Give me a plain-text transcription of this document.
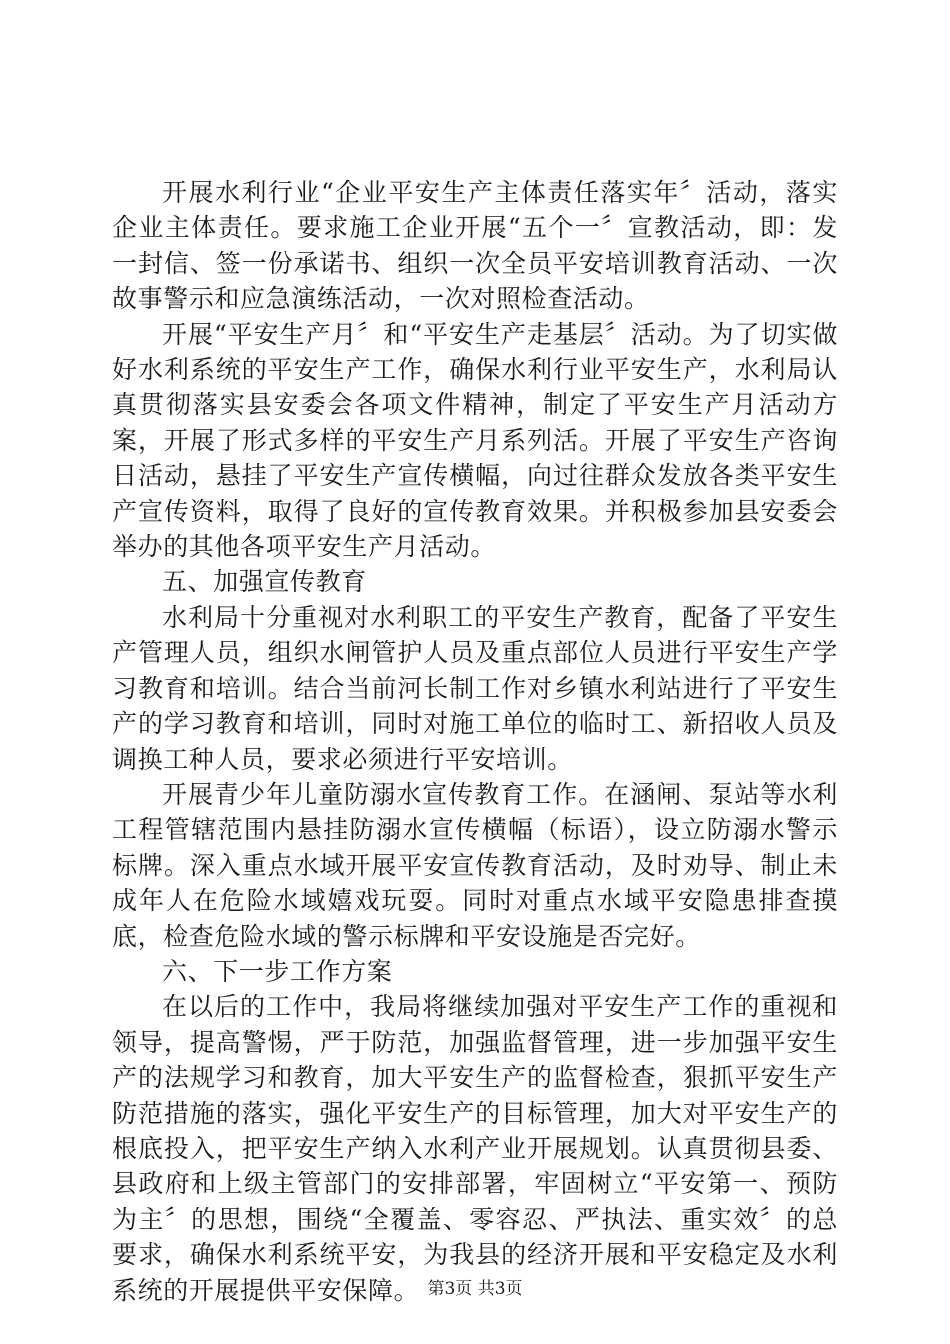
开展水利行业“企业平安生产主体责任落实年〞活动，落实企业主体责任。要求施工企业开展“五个一〞宣教活动，即：发一封信、签一份承诺书、组织一次全员平安培训教育活动、一次故事警示和应急演练活动，一次对照检查活动。

开展“平安生产月〞和“平安生产走基层〞活动。为了切实做好水利系统的平安生产工作，确保水利行业平安生产，水利局认真贯彻落实县安委会各项文件精神，制定了平安生产月活动方案，开展了形式多样的平安生产月系列活。开展了平安生产咨询日活动，悬挂了平安生产宣传横幅，向过往群众发放各类平安生产宣传资料，取得了良好的宣传教育效果。并积极参加县安委会举办的其他各项平安生产月活动。

五、加强宣传教育

水利局十分重视对水利职工的平安生产教育，配备了平安生产管理人员，组织水闸管护人员及重点部位人员进行平安生产学习教育和培训。结合当前河长制工作对乡镇水利站进行了平安生产的学习教育和培训，同时对施工单位的临时工、新招收人员及调换工种人员，要求必须进行平安培训。

开展青少年儿童防溺水宣传教育工作。在涵闸、泵站等水利工程管辖范围内悬挂防溺水宣传横幅（标语），设立防溺水警示标牌。深入重点水域开展平安宣传教育活动，及时劝导、制止未成年人在危险水域嬉戏玩耍。同时对重点水域平安隐患排查摸底，检查危险水域的警示标牌和平安设施是否完好。

六、下一步工作方案

在以后的工作中，我局将继续加强对平安生产工作的重视和领导，提高警惕，严于防范，加强监督管理，进一步加强平安生产的法规学习和教育，加大平安生产的监督检查，狠抓平安生产防范措施的落实，强化平安生产的目标管理，加大对平安生产的根底投入，把平安生产纳入水利产业开展规划。认真贯彻县委、县政府和上级主管部门的安排部署，牢固树立“平安第一、预防为主〞的思想，围绕“全覆盖、零容忍、严执法、重实效〞的总要求，确保水利系统平安，为我县的经济开展和平安稳定及水利系统的开展提供平安保障。 第3页 共3页
